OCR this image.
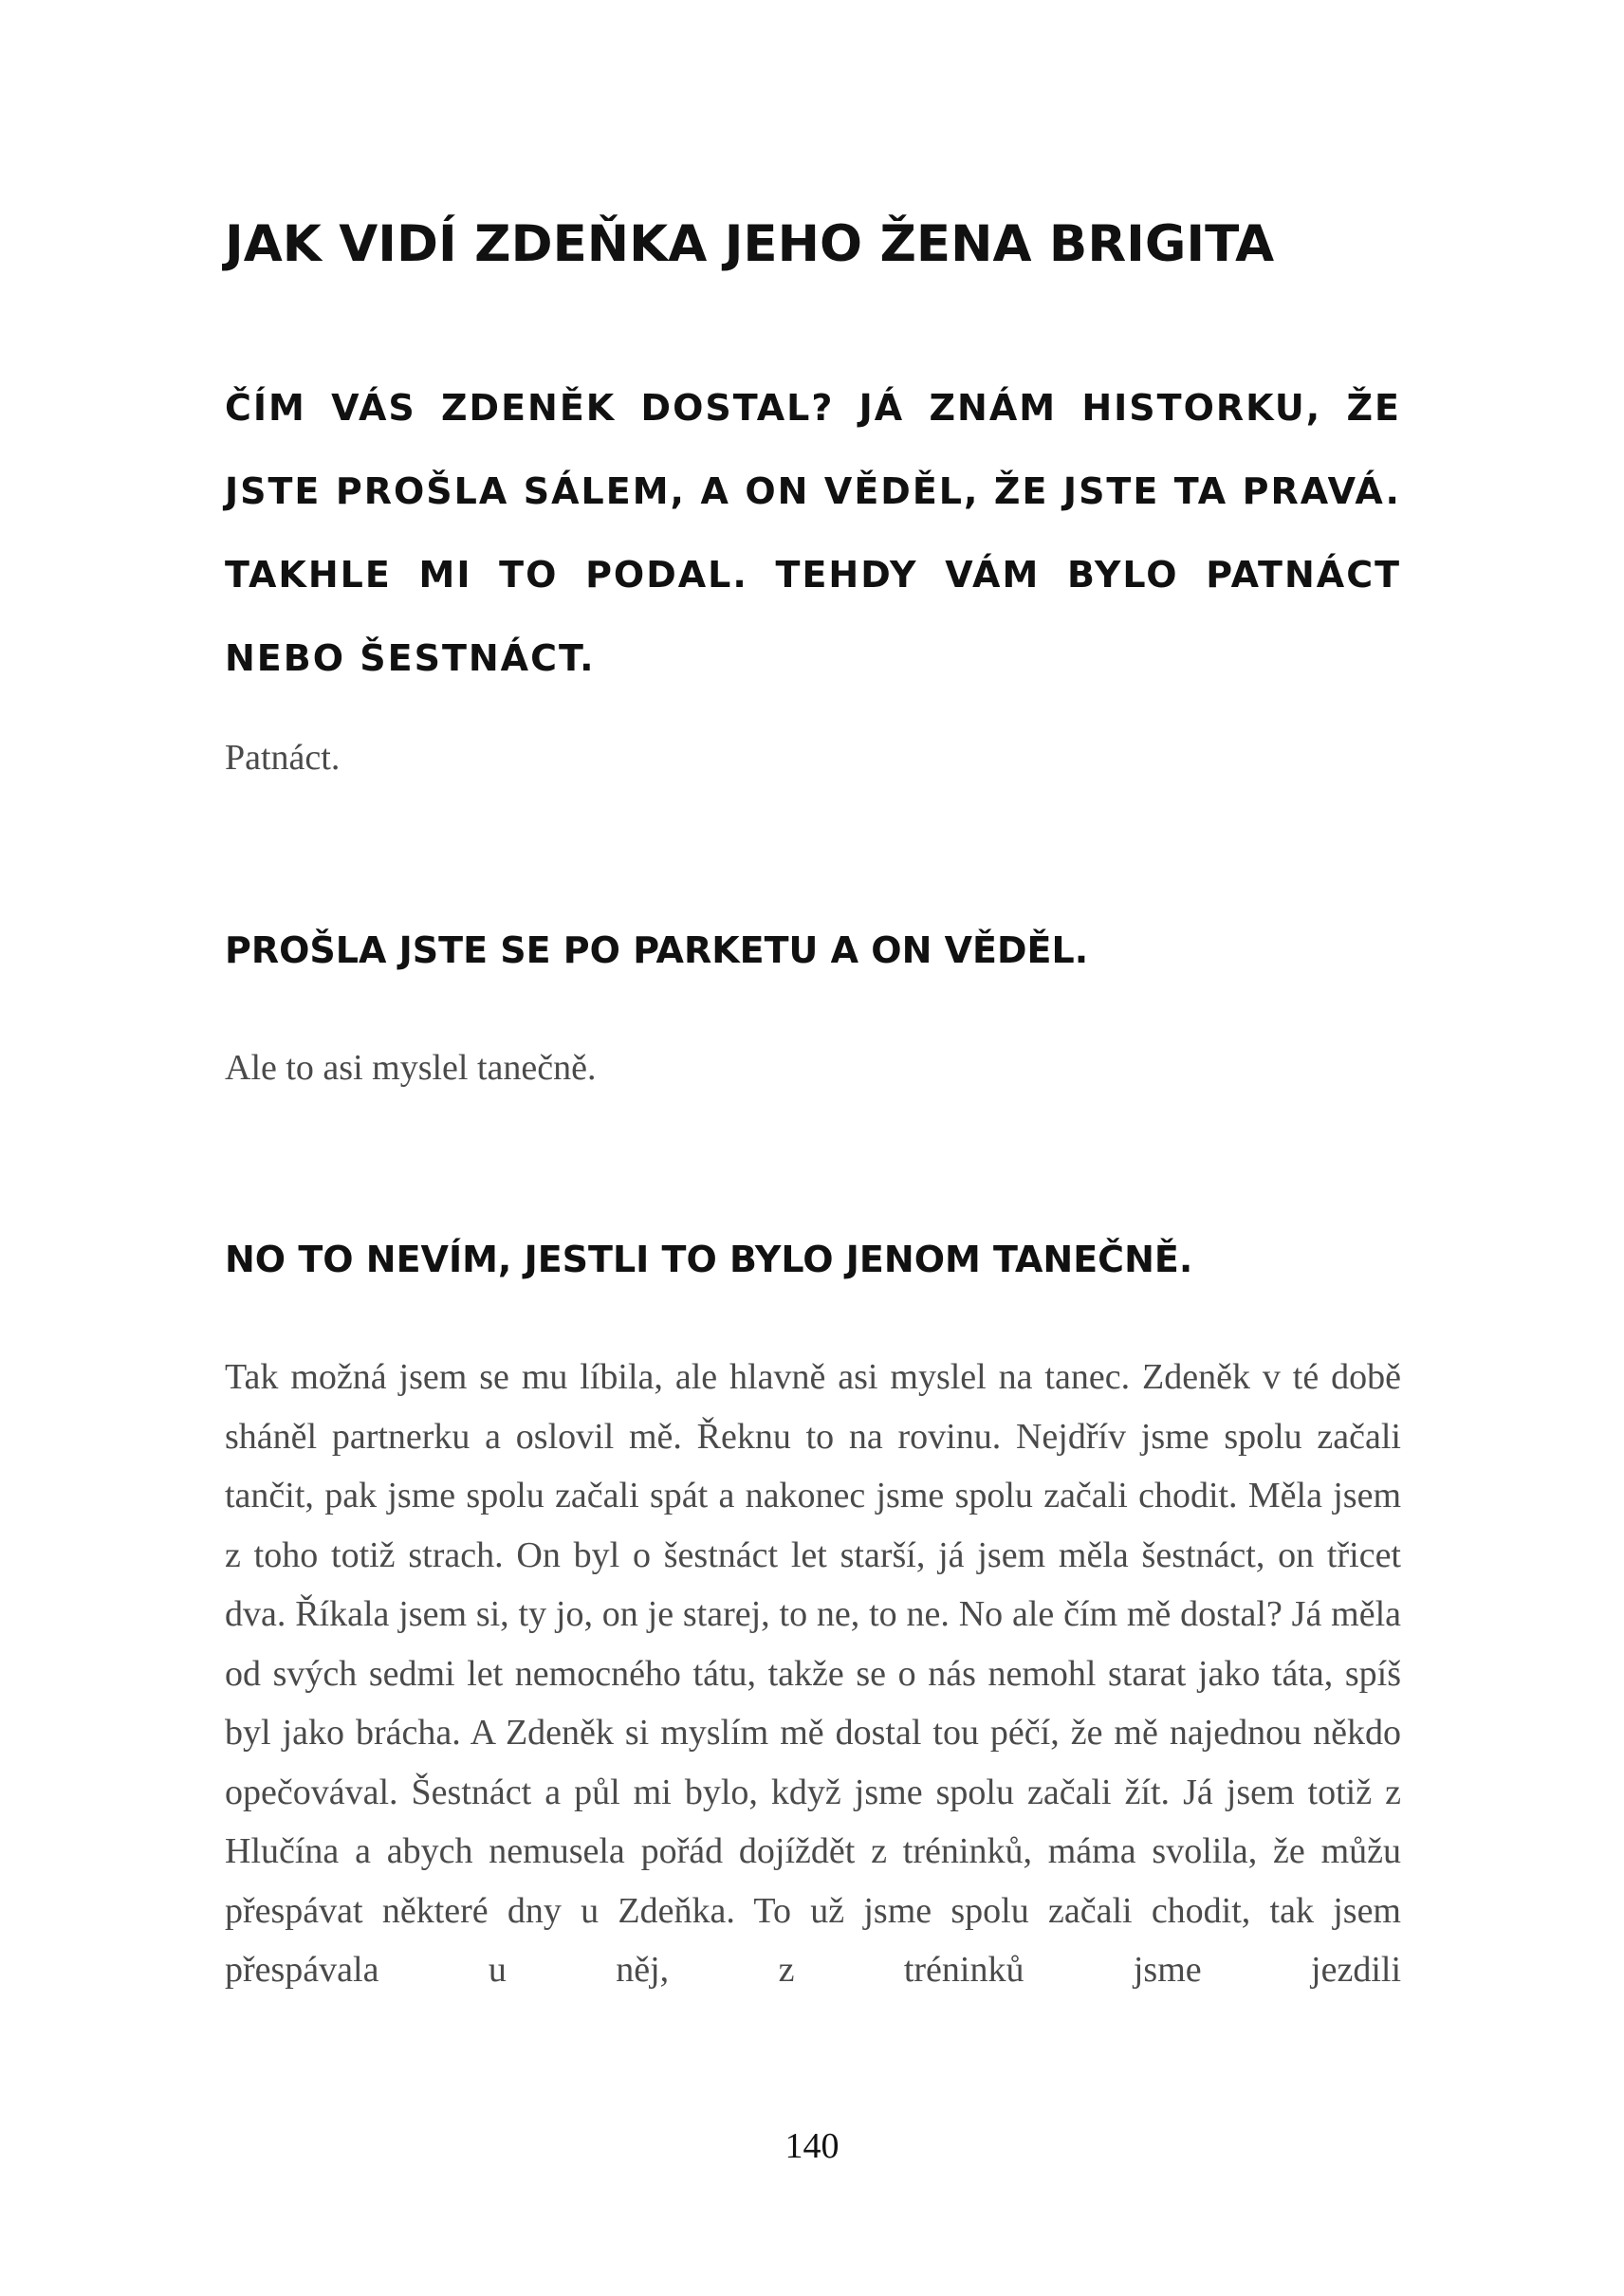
JAK VIDÍ ZDEŇKA JEHO ŽENA BRIGITA

ČÍM VÁS ZDENĚK DOSTAL? JÁ ZNÁM HISTORKU, ŽE JSTE PROŠLA SÁLEM, A ON VĚDĚL, ŽE JSTE TA PRAVÁ. TAKHLE MI TO PODAL. TEHDY VÁM BYLO PATNÁCT NEBO ŠESTNÁCT.

Patnáct.

PROŠLA JSTE SE PO PARKETU A ON VĚDĚL.

Ale to asi myslel tanečně.

NO TO NEVÍM, JESTLI TO BYLO JENOM TANEČNĚ.

Tak možná jsem se mu líbila, ale hlavně asi myslel na tanec. Zdeněk v té době sháněl partnerku a oslovil mě. Řeknu to na rovinu. Nejdřív jsme spolu začali tančit, pak jsme spolu začali spát a nakonec jsme spolu začali chodit. Měla jsem z toho totiž strach. On byl o šestnáct let starší, já jsem měla šestnáct, on třicet dva. Říkala jsem si, ty jo, on je starej, to ne, to ne. No ale čím mě dostal? Já měla od svých sedmi let nemocného tátu, takže se o nás nemohl starat jako táta, spíš byl jako brácha. A Zdeněk si myslím mě dostal tou péčí, že mě najednou někdo opečovával. Šestnáct a půl mi bylo, když jsme spolu začali žít. Já jsem totiž z Hlučína a abych nemusela pořád dojíždět z tréninků, máma svolila, že můžu přespávat některé dny u Zdeňka. To už jsme spolu začali chodit, tak jsem přespávala u něj, z tréninků jsme jezdili

140
